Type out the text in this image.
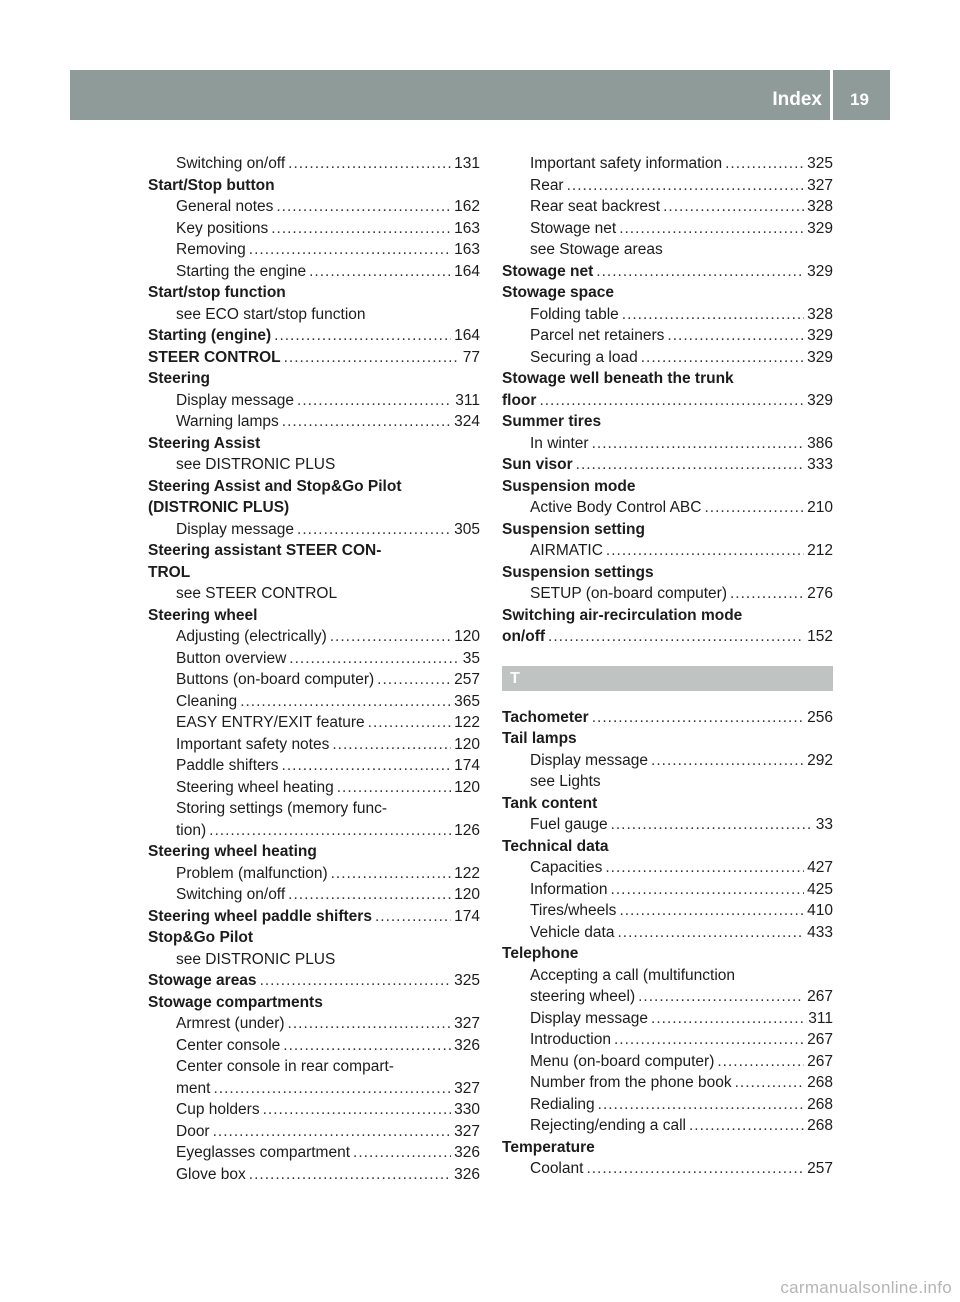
Index 19
Switching on/off .....	131
Start/Stop button
General notes .....	162
Key positions .....	163
Removing .....	163
Starting the engine .....	164
Start/stop function
see ECO start/stop function
Starting (engine) .....	164
STEER CONTROL .....	77
Steering
Display message .....	311
Warning lamps .....	324
Steering Assist
see DISTRONIC PLUS
Steering Assist and Stop&Go Pilot
(DISTRONIC PLUS)
Display message .....	305
Steering assistant STEER CON-
TROL
see STEER CONTROL
Steering wheel
Adjusting (electrically) .....	120
Button overview .....	35
Buttons (on-board computer) .....	257
Cleaning .....	365
EASY ENTRY/EXIT feature .....	122
Important safety notes .....	120
Paddle shifters .....	174
Steering wheel heating .....	120
Storing settings (memory func-
tion) .....	126
Steering wheel heating
Problem (malfunction) .....	122
Switching on/off .....	120
Steering wheel paddle shifters .....	174
Stop&Go Pilot
see DISTRONIC PLUS
Stowage areas .....	325
Stowage compartments
Armrest (under) .....	327
Center console .....	326
Center console in rear compart-
ment .....	327
Cup holders .....	330
Door .....	327
Eyeglasses compartment .....	326
Glove box .....	326
Important safety information .....	325
Rear .....	327
Rear seat backrest .....	328
Stowage net .....	329
see Stowage areas
Stowage net .....	329
Stowage space
Folding table .....	328
Parcel net retainers .....	329
Securing a load .....	329
Stowage well beneath the trunk
floor .....	329
Summer tires
In winter .....	386
Sun visor .....	333
Suspension mode
Active Body Control ABC .....	210
Suspension setting
AIRMATIC .....	212
Suspension settings
SETUP (on-board computer) .....	276
Switching air-recirculation mode
on/off .....	152
T
Tachometer .....	256
Tail lamps
Display message .....	292
see Lights
Tank content
Fuel gauge .....	33
Technical data
Capacities .....	427
Information .....	425
Tires/wheels .....	410
Vehicle data .....	433
Telephone
Accepting a call (multifunction
steering wheel) .....	267
Display message .....	311
Introduction .....	267
Menu (on-board computer) .....	267
Number from the phone book .....	268
Redialing .....	268
Rejecting/ending a call .....	268
Temperature
Coolant .....	257
carmanualsonline.info
